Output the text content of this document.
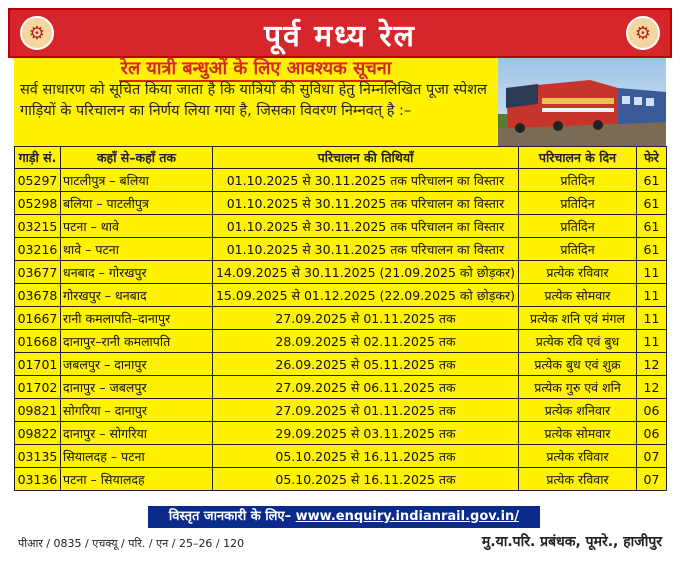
⚙	पूर्व मध्य रेल	⚙
रेल यात्री बन्धुओं के लिए आवश्यक सूचना
सर्व साधारण को सूचित किया जाता है कि यात्रियों की सुविधा हेतु निम्नलिखित पूजा स्पेशल गाड़ियों के परिचालन का निर्णय लिया गया है, जिसका विवरण निम्नवत् है :–
गाड़ी सं.	कहाँ से–कहाँ तक	परिचालन की तिथियाँ	परिचालन के दिन	फेरे
05297	पाटलीपुत्र – बलिया	01.10.2025 से 30.11.2025 तक परिचालन का विस्तार	प्रतिदिन	61
05298	बलिया – पाटलीपुत्र	01.10.2025 से 30.11.2025 तक परिचालन का विस्तार	प्रतिदिन	61
03215	पटना – थावे	01.10.2025 से 30.11.2025 तक परिचालन का विस्तार	प्रतिदिन	61
03216	थावे – पटना	01.10.2025 से 30.11.2025 तक परिचालन का विस्तार	प्रतिदिन	61
03677	धनबाद – गोरखपुर	14.09.2025 से 30.11.2025 (21.09.2025 को छोड़कर)	प्रत्येक रविवार	11
03678	गोरखपुर – धनबाद	15.09.2025 से 01.12.2025 (22.09.2025 को छोड़कर)	प्रत्येक सोमवार	11
01667	रानी कमलापति–दानापुर	27.09.2025 से 01.11.2025 तक	प्रत्येक शनि एवं मंगल	11
01668	दानापुर–रानी कमलापति	28.09.2025 से 02.11.2025 तक	प्रत्येक रवि एवं बुध	11
01701	जबलपुर – दानापुर	26.09.2025 से 05.11.2025 तक	प्रत्येक बुध एवं शुक्र	12
01702	दानापुर – जबलपुर	27.09.2025 से 06.11.2025 तक	प्रत्येक गुरु एवं शनि	12
09821	सोगरिया – दानापुर	27.09.2025 से 01.11.2025 तक	प्रत्येक शनिवार	06
09822	दानापुर – सोगरिया	29.09.2025 से 03.11.2025 तक	प्रत्येक सोमवार	06
03135	सियालदह – पटना	05.10.2025 से 16.11.2025 तक	प्रत्येक रविवार	07
03136	पटना – सियालदह	05.10.2025 से 16.11.2025 तक	प्रत्येक रविवार	07
विस्तृत जानकारी के लिए– www.enquiry.indianrail.gov.in/ NTES APP
पीआर / 0835 / एचक्यू / परि. / एन / 25–26 / 120	मु.या.परि. प्रबंधक, पूमरे., हाजीपुर
